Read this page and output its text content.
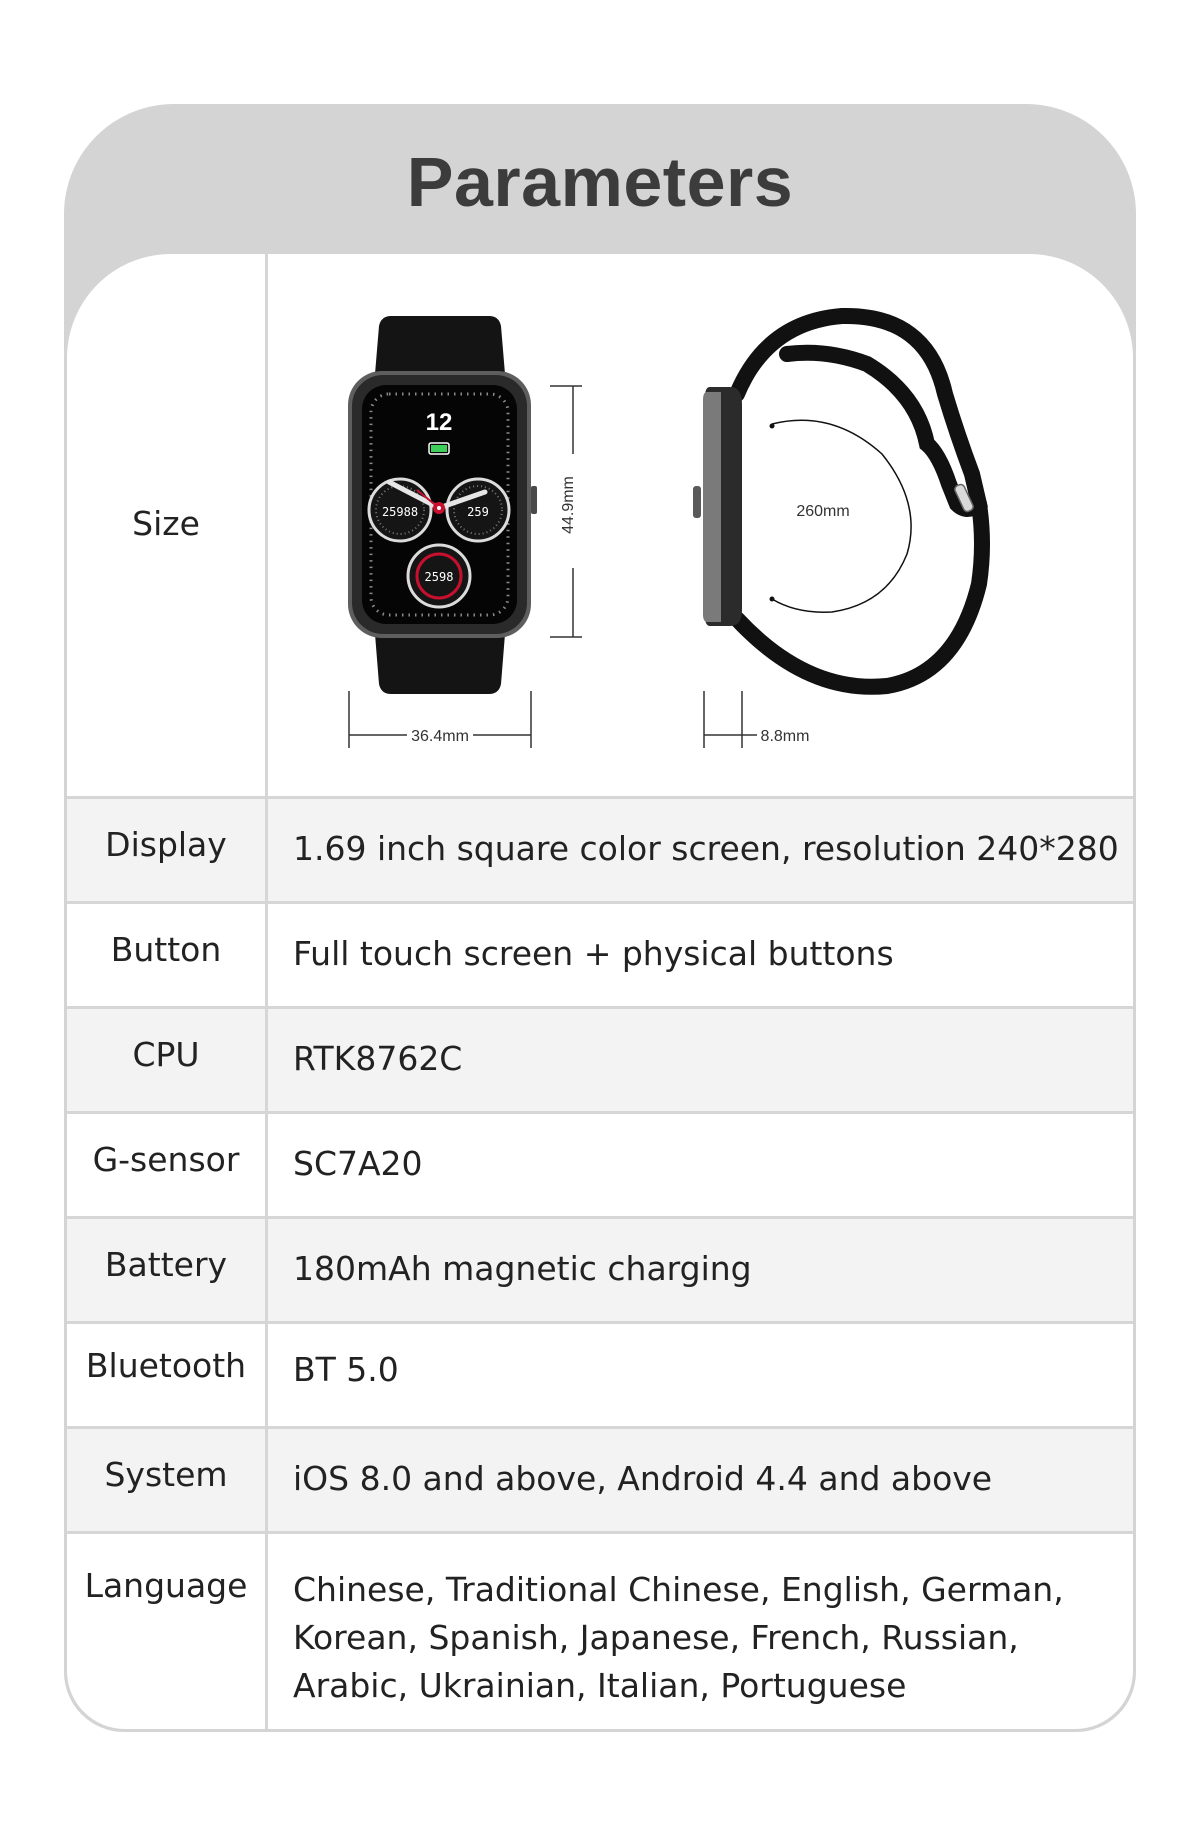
Parameters
Size
12
25988	259
2598
44.9mm
36.4mm
260mm
8.8mm
Display	1.69 inch square color screen, resolution 240*280
Button	Full touch screen + physical buttons
CPU	RTK8762C
G-sensor	SC7A20
Battery	180mAh magnetic charging
Bluetooth	BT 5.0
System	iOS 8.0 and above, Android 4.4 and above
Language	Chinese, Traditional Chinese, English, German, Korean, Spanish, Japanese, French, Russian, Arabic, Ukrainian, Italian, Portuguese
